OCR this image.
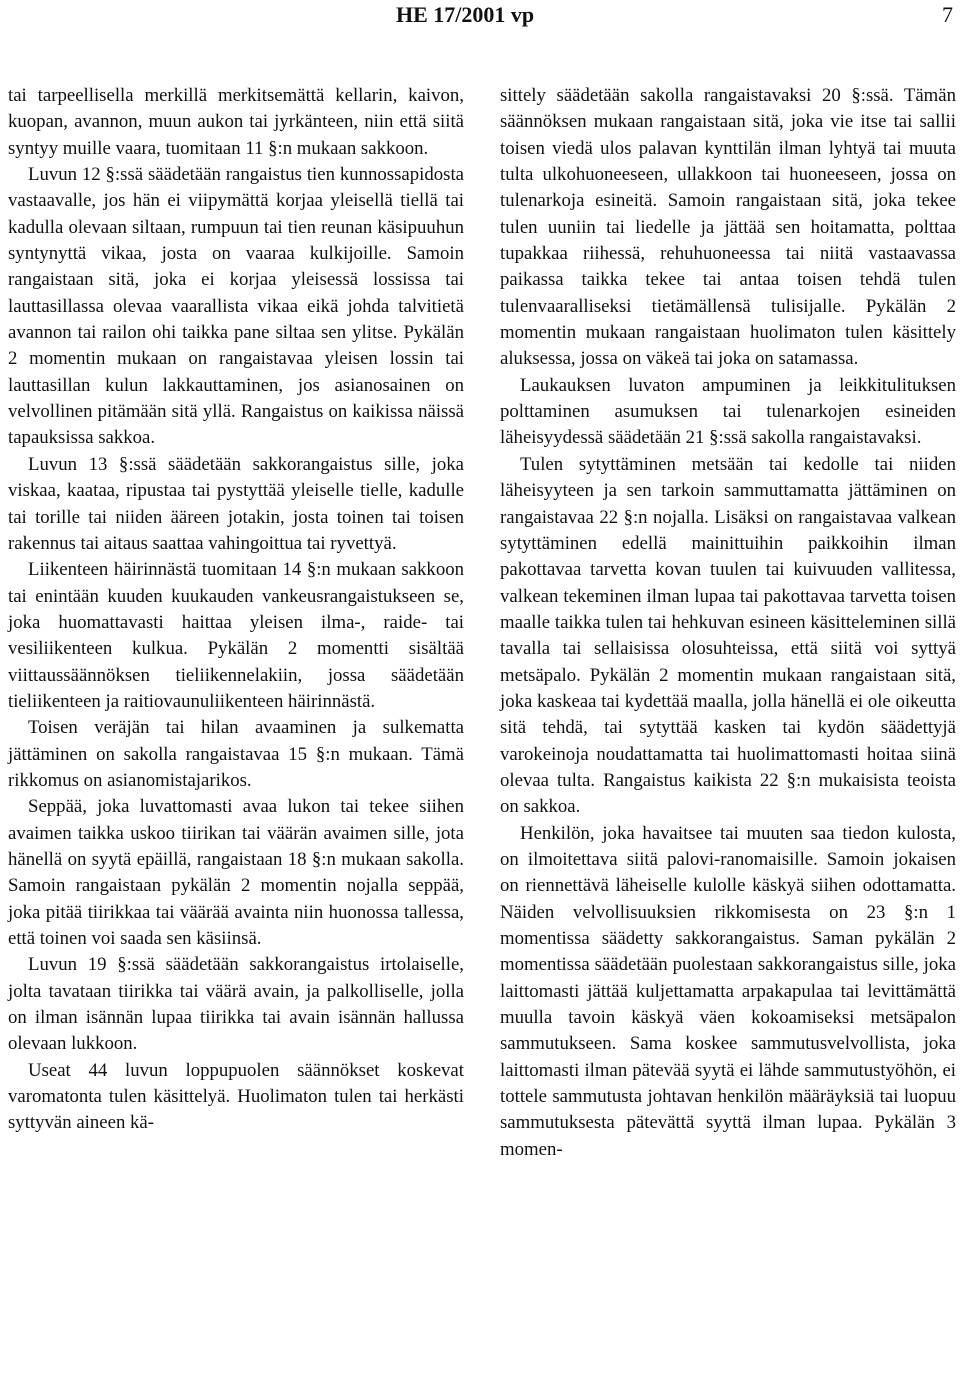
HE 17/2001 vp	7

tai tarpeellisella merkillä merkitsemättä kellarin, kaivon, kuopan, avannon, muun aukon tai jyrkänteen, niin että siitä syntyy muille vaara, tuomitaan 11 §:n mukaan sakkoon.

Luvun 12 §:ssä säädetään rangaistus tien kunnossapidosta vastaavalle, jos hän ei viipymättä korjaa yleisellä tiellä tai kadulla olevaan siltaan, rumpuun tai tien reunan käsipuuhun syntynyttä vikaa, josta on vaaraa kulkijoille. Samoin rangaistaan sitä, joka ei korjaa yleisessä lossissa tai lauttasillassa olevaa vaarallista vikaa eikä johda talvitietä avannon tai railon ohi taikka pane siltaa sen ylitse. Pykälän 2 momentin mukaan on rangaistavaa yleisen lossin tai lauttasillan kulun lakkauttaminen, jos asianosainen on velvollinen pitämään sitä yllä. Rangaistus on kaikissa näissä tapauksissa sakkoa.

Luvun 13 §:ssä säädetään sakkorangaistus sille, joka viskaa, kaataa, ripustaa tai pystyttää yleiselle tielle, kadulle tai torille tai niiden ääreen jotakin, josta toinen tai toisen rakennus tai aitaus saattaa vahingoittua tai ryvettyä.

Liikenteen häirinnästä tuomitaan 14 §:n mukaan sakkoon tai enintään kuuden kuukauden vankeusrangaistukseen se, joka huomattavasti haittaa yleisen ilma-, raide- tai vesiliikenteen kulkua. Pykälän 2 momentti sisältää viittaussäännöksen tieliikennelakiin, jossa säädetään tieliikenteen ja raitiovaunuliikenteen häirinnästä.

Toisen veräjän tai hilan avaaminen ja sulkematta jättäminen on sakolla rangaistavaa 15 §:n mukaan. Tämä rikkomus on asianomistajarikos.

Seppää, joka luvattomasti avaa lukon tai tekee siihen avaimen taikka uskoo tiirikan tai väärän avaimen sille, jota hänellä on syytä epäillä, rangaistaan 18 §:n mukaan sakolla. Samoin rangaistaan pykälän 2 momentin nojalla seppää, joka pitää tiirikkaa tai väärää avainta niin huonossa tallessa, että toinen voi saada sen käsiinsä.

Luvun 19 §:ssä säädetään sakkorangaistus irtolaiselle, jolta tavataan tiirikka tai väärä avain, ja palkolliselle, jolla on ilman isännän lupaa tiirikka tai avain isännän hallussa olevaan lukkoon.

Useat 44 luvun loppupuolen säännökset koskevat varomatonta tulen käsittelyä. Huolimaton tulen tai herkästi syttyvän aineen kä-

sittely säädetään sakolla rangaistavaksi 20 §:ssä. Tämän säännöksen mukaan rangaistaan sitä, joka vie itse tai sallii toisen viedä ulos palavan kynttilän ilman lyhtyä tai muuta tulta ulkohuoneeseen, ullakkoon tai huoneeseen, jossa on tulenarkoja esineitä. Samoin rangaistaan sitä, joka tekee tulen uuniin tai liedelle ja jättää sen hoitamatta, polttaa tupakkaa riihessä, rehuhuoneessa tai niitä vastaavassa paikassa taikka tekee tai antaa toisen tehdä tulen tulenvaaralliseksi tietämällensä tulisijalle. Pykälän 2 momentin mukaan rangaistaan huolimaton tulen käsittely aluksessa, jossa on väkeä tai joka on satamassa.

Laukauksen luvaton ampuminen ja leikkitulituksen polttaminen asumuksen tai tulenarkojen esineiden läheisyydessä säädetään 21 §:ssä sakolla rangaistavaksi.

Tulen sytyttäminen metsään tai kedolle tai niiden läheisyyteen ja sen tarkoin sammuttamatta jättäminen on rangaistavaa 22 §:n nojalla. Lisäksi on rangaistavaa valkean sytyttäminen edellä mainittuihin paikkoihin ilman pakottavaa tarvetta kovan tuulen tai kuivuuden vallitessa, valkean tekeminen ilman lupaa tai pakottavaa tarvetta toisen maalle taikka tulen tai hehkuvan esineen käsitteleminen sillä tavalla tai sellaisissa olosuhteissa, että siitä voi syttyä metsäpalo. Pykälän 2 momentin mukaan rangaistaan sitä, joka kaskeaa tai kydettää maalla, jolla hänellä ei ole oikeutta sitä tehdä, tai sytyttää kasken tai kydön säädettyjä varokeinoja noudattamatta tai huolimattomasti hoitaa siinä olevaa tulta. Rangaistus kaikista 22 §:n mukaisista teoista on sakkoa.

Henkilön, joka havaitsee tai muuten saa tiedon kulosta, on ilmoitettava siitä palovi-ranomaisille. Samoin jokaisen on riennettävä läheiselle kulolle käskyä siihen odottamatta. Näiden velvollisuuksien rikkomisesta on 23 §:n 1 momentissa säädetty sakkorangaistus. Saman pykälän 2 momentissa säädetään puolestaan sakkorangaistus sille, joka laittomasti jättää kuljettamatta arpakapulaa tai levittämättä muulla tavoin käskyä väen kokoamiseksi metsäpalon sammutukseen. Sama koskee sammutusvelvollista, joka laittomasti ilman pätevää syytä ei lähde sammutustyöhön, ei tottele sammutusta johtavan henkilön määräyksiä tai luopuu sammutuksesta pätevättä syyttä ilman lupaa. Pykälän 3 momen-
